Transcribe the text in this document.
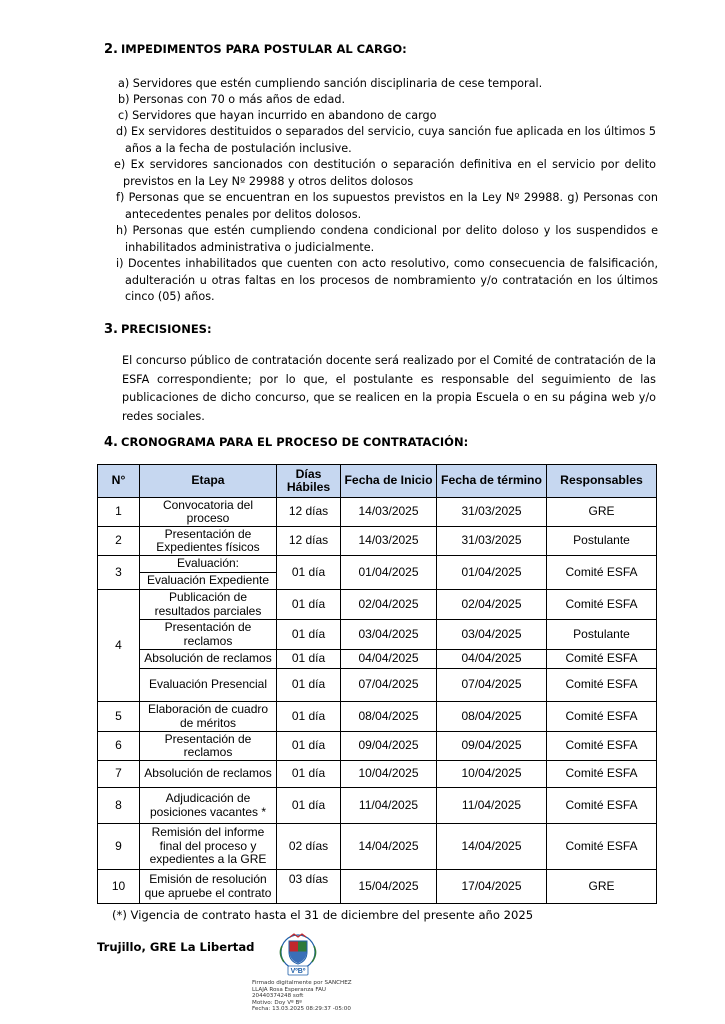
2. IMPEDIMENTOS PARA POSTULAR AL CARGO:
a) Servidores que estén cumpliendo sanción disciplinaria de cese temporal.
b) Personas con 70 o más años de edad.
c) Servidores que hayan incurrido en abandono de cargo
d) Ex servidores destituidos o separados del servicio, cuya sanción fue aplicada en los últimos 5 años a la fecha de postulación inclusive.
e) Ex servidores sancionados con destitución o separación definitiva en el servicio por delito previstos en la Ley Nº 29988 y otros delitos dolosos
f) Personas que se encuentran en los supuestos previstos en la Ley Nº 29988. g) Personas con antecedentes penales por delitos dolosos.
h) Personas que estén cumpliendo condena condicional por delito doloso y los suspendidos e inhabilitados administrativa o judicialmente.
i) Docentes inhabilitados que cuenten con acto resolutivo, como consecuencia de falsificación, adulteración u otras faltas en los procesos de nombramiento y/o contratación en los últimos cinco (05) años.
3. PRECISIONES:
El concurso público de contratación docente será realizado por el Comité de contratación de la ESFA correspondiente; por lo que, el postulante es responsable del seguimiento de las publicaciones de dicho concurso, que se realicen en la propia Escuela o en su página web y/o redes sociales.
4. CRONOGRAMA PARA EL PROCESO DE CONTRATACIÓN:
N°	Etapa	Días Hábiles	Fecha de Inicio	Fecha de término	Responsables
1	Convocatoria del proceso	12 días	14/03/2025	31/03/2025	GRE
2	Presentación de Expedientes físicos	12 días	14/03/2025	31/03/2025	Postulante
3	Evaluación:	01 día	01/04/2025	01/04/2025	Comité ESFA
	Evaluación Expediente				
4	Publicación de resultados parciales	01 día	02/04/2025	02/04/2025	Comité ESFA
	Presentación de reclamos	01 día	03/04/2025	03/04/2025	Postulante
	Absolución de reclamos	01 día	04/04/2025	04/04/2025	Comité ESFA
	Evaluación Presencial	01 día	07/04/2025	07/04/2025	Comité ESFA
5	Elaboración de cuadro de méritos	01 día	08/04/2025	08/04/2025	Comité ESFA
6	Presentación de reclamos	01 día	09/04/2025	09/04/2025	Comité ESFA
7	Absolución de reclamos	01 día	10/04/2025	10/04/2025	Comité ESFA
8	Adjudicación de posiciones vacantes *	01 día	11/04/2025	11/04/2025	Comité ESFA
9	Remisión del informe final del proceso y expedientes a la GRE	02 días	14/04/2025	14/04/2025	Comité ESFA
10	Emisión de resolución que apruebe el contrato	03 días	15/04/2025	17/04/2025	GRE
(*) Vigencia de contrato hasta el 31 de diciembre del presente año 2025
Trujillo, GRE La Libertad
VºBº
Firmado digitalmente por SANCHEZ
LLAJA Rosa Esperanza FAU
20440374248 soft
Motivo: Doy Vº Bº
Fecha: 13.03.2025 08:29:37 -05:00
